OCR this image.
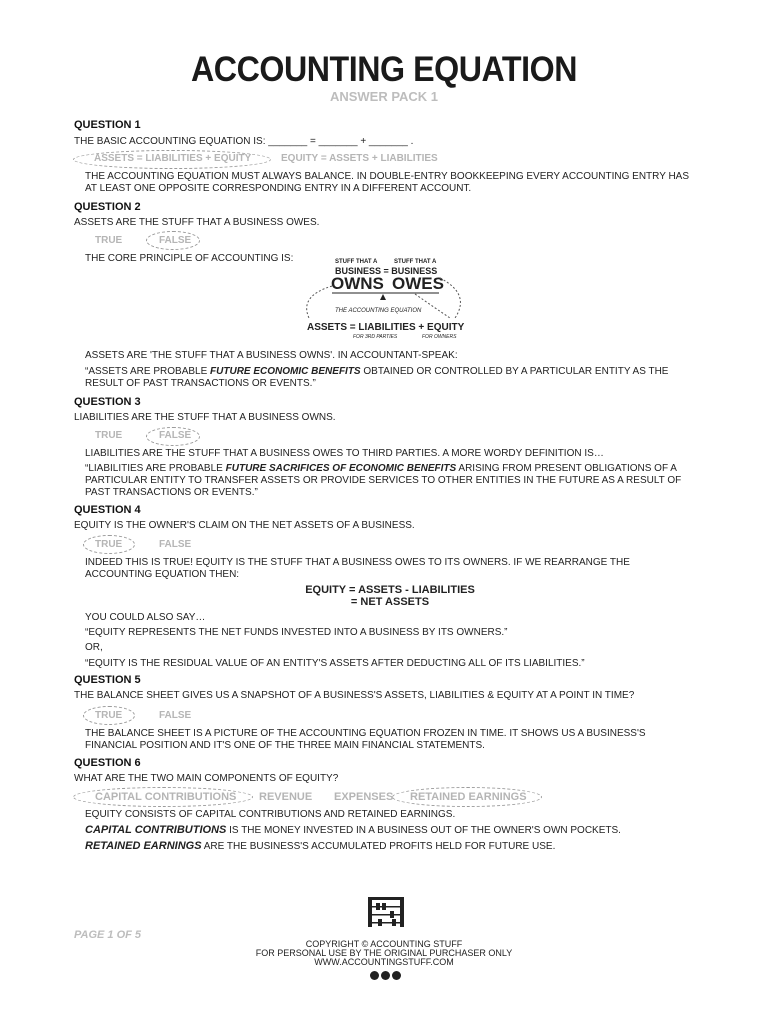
ACCOUNTING EQUATION
ANSWER PACK 1
QUESTION 1
THE BASIC ACCOUNTING EQUATION IS: _______ = _______ + _______ .
ASSETS = LIABILITIES + EQUITY	EQUITY = ASSETS + LIABILITIES
THE ACCOUNTING EQUATION MUST ALWAYS BALANCE. IN DOUBLE-ENTRY BOOKKEEPING EVERY ACCOUNTING ENTRY HAS AT LEAST ONE OPPOSITE CORRESPONDING ENTRY IN A DIFFERENT ACCOUNT.
QUESTION 2
ASSETS ARE THE STUFF THAT A BUSINESS OWES.
TRUE	FALSE
THE CORE PRINCIPLE OF ACCOUNTING IS:	STUFF THAT A	STUFF THAT A
BUSINESS = BUSINESS
OWNS OWES
THE ACCOUNTING EQUATION
ASSETS = LIABILITIES + EQUITY
FOR 3RD PARTIES	FOR OWNERS
ASSETS ARE 'THE STUFF THAT A BUSINESS OWNS'. IN ACCOUNTANT-SPEAK:
“ASSETS ARE PROBABLE FUTURE ECONOMIC BENEFITS OBTAINED OR CONTROLLED BY A PARTICULAR ENTITY AS THE RESULT OF PAST TRANSACTIONS OR EVENTS.”
QUESTION 3
LIABILITIES ARE THE STUFF THAT A BUSINESS OWNS.
TRUE	FALSE
LIABILITIES ARE THE STUFF THAT A BUSINESS OWES TO THIRD PARTIES. A MORE WORDY DEFINITION IS…
“LIABILITIES ARE PROBABLE FUTURE SACRIFICES OF ECONOMIC BENEFITS ARISING FROM PRESENT OBLIGATIONS OF A PARTICULAR ENTITY TO TRANSFER ASSETS OR PROVIDE SERVICES TO OTHER ENTITIES IN THE FUTURE AS A RESULT OF PAST TRANSACTIONS OR EVENTS.”
QUESTION 4
EQUITY IS THE OWNER'S CLAIM ON THE NET ASSETS OF A BUSINESS.
TRUE	FALSE
INDEED THIS IS TRUE! EQUITY IS THE STUFF THAT A BUSINESS OWES TO ITS OWNERS. IF WE REARRANGE THE ACCOUNTING EQUATION THEN:
EQUITY = ASSETS - LIABILITIES
= NET ASSETS
YOU COULD ALSO SAY…
“EQUITY REPRESENTS THE NET FUNDS INVESTED INTO A BUSINESS BY ITS OWNERS.”
OR,
“EQUITY IS THE RESIDUAL VALUE OF AN ENTITY'S ASSETS AFTER DEDUCTING ALL OF ITS LIABILITIES.”
QUESTION 5
THE BALANCE SHEET GIVES US A SNAPSHOT OF A BUSINESS'S ASSETS, LIABILITIES & EQUITY AT A POINT IN TIME?
TRUE	FALSE
THE BALANCE SHEET IS A PICTURE OF THE ACCOUNTING EQUATION FROZEN IN TIME. IT SHOWS US A BUSINESS'S FINANCIAL POSITION AND IT'S ONE OF THE THREE MAIN FINANCIAL STATEMENTS.
QUESTION 6
WHAT ARE THE TWO MAIN COMPONENTS OF EQUITY?
CAPITAL CONTRIBUTIONS REVENUE EXPENSES RETAINED EARNINGS
EQUITY CONSISTS OF CAPITAL CONTRIBUTIONS AND RETAINED EARNINGS.
CAPITAL CONTRIBUTIONS IS THE MONEY INVESTED IN A BUSINESS OUT OF THE OWNER'S OWN POCKETS.
RETAINED EARNINGS ARE THE BUSINESS'S ACCUMULATED PROFITS HELD FOR FUTURE USE.
PAGE 1 OF 5
COPYRIGHT © ACCOUNTING STUFF
FOR PERSONAL USE BY THE ORIGINAL PURCHASER ONLY
WWW.ACCOUNTINGSTUFF.COM
